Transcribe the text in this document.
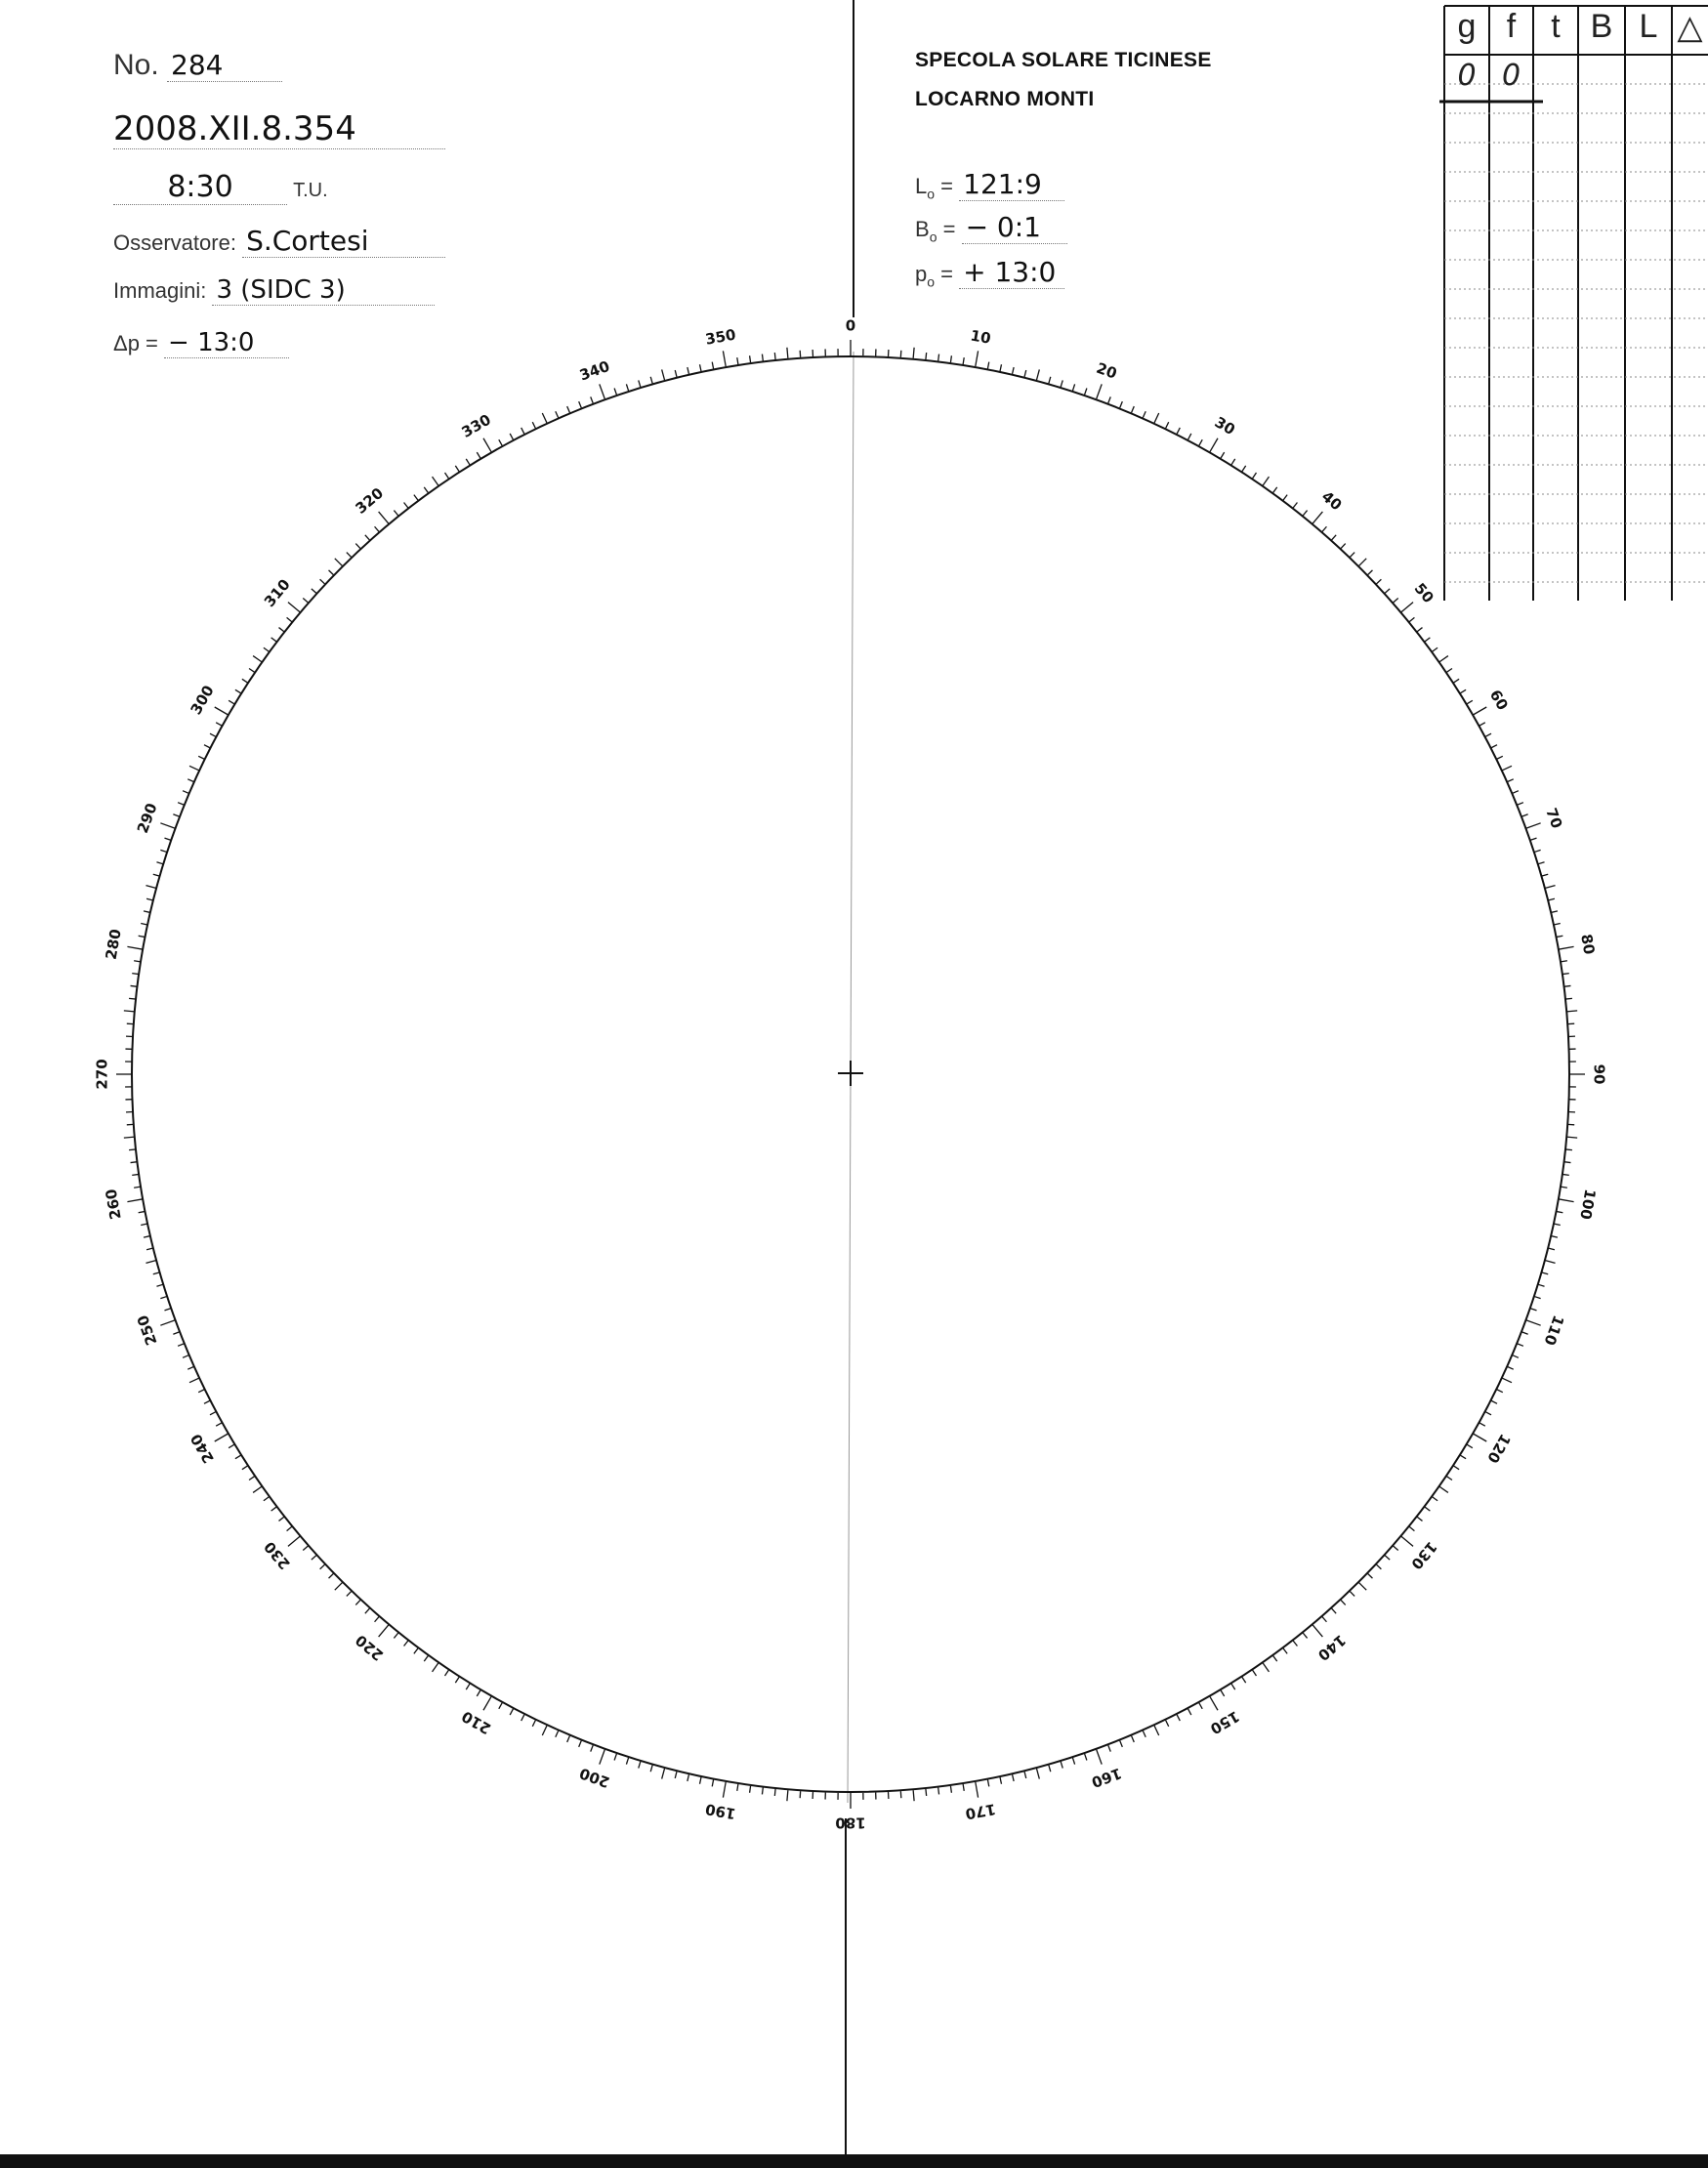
No. 284
2008.XII.8.354
8:30	T.U.
Osservatore: S.Cortesi
Immagini: 3 (SIDC 3)
Δp = − 13:0
SPECOLA SOLARE TICINESE
LOCARNO MONTI
$L_o$ = 121:9
$B_o$ = − 0:1
$p_o$ = + 13:0
0
10
20
30
40
50
60
70
80
90
100
110
120
130
140
150
160
170
180
190
200
210
220
230
240
250
260
270
280
290
300
310
320
330
340
350
g f	t B L △
0 0
